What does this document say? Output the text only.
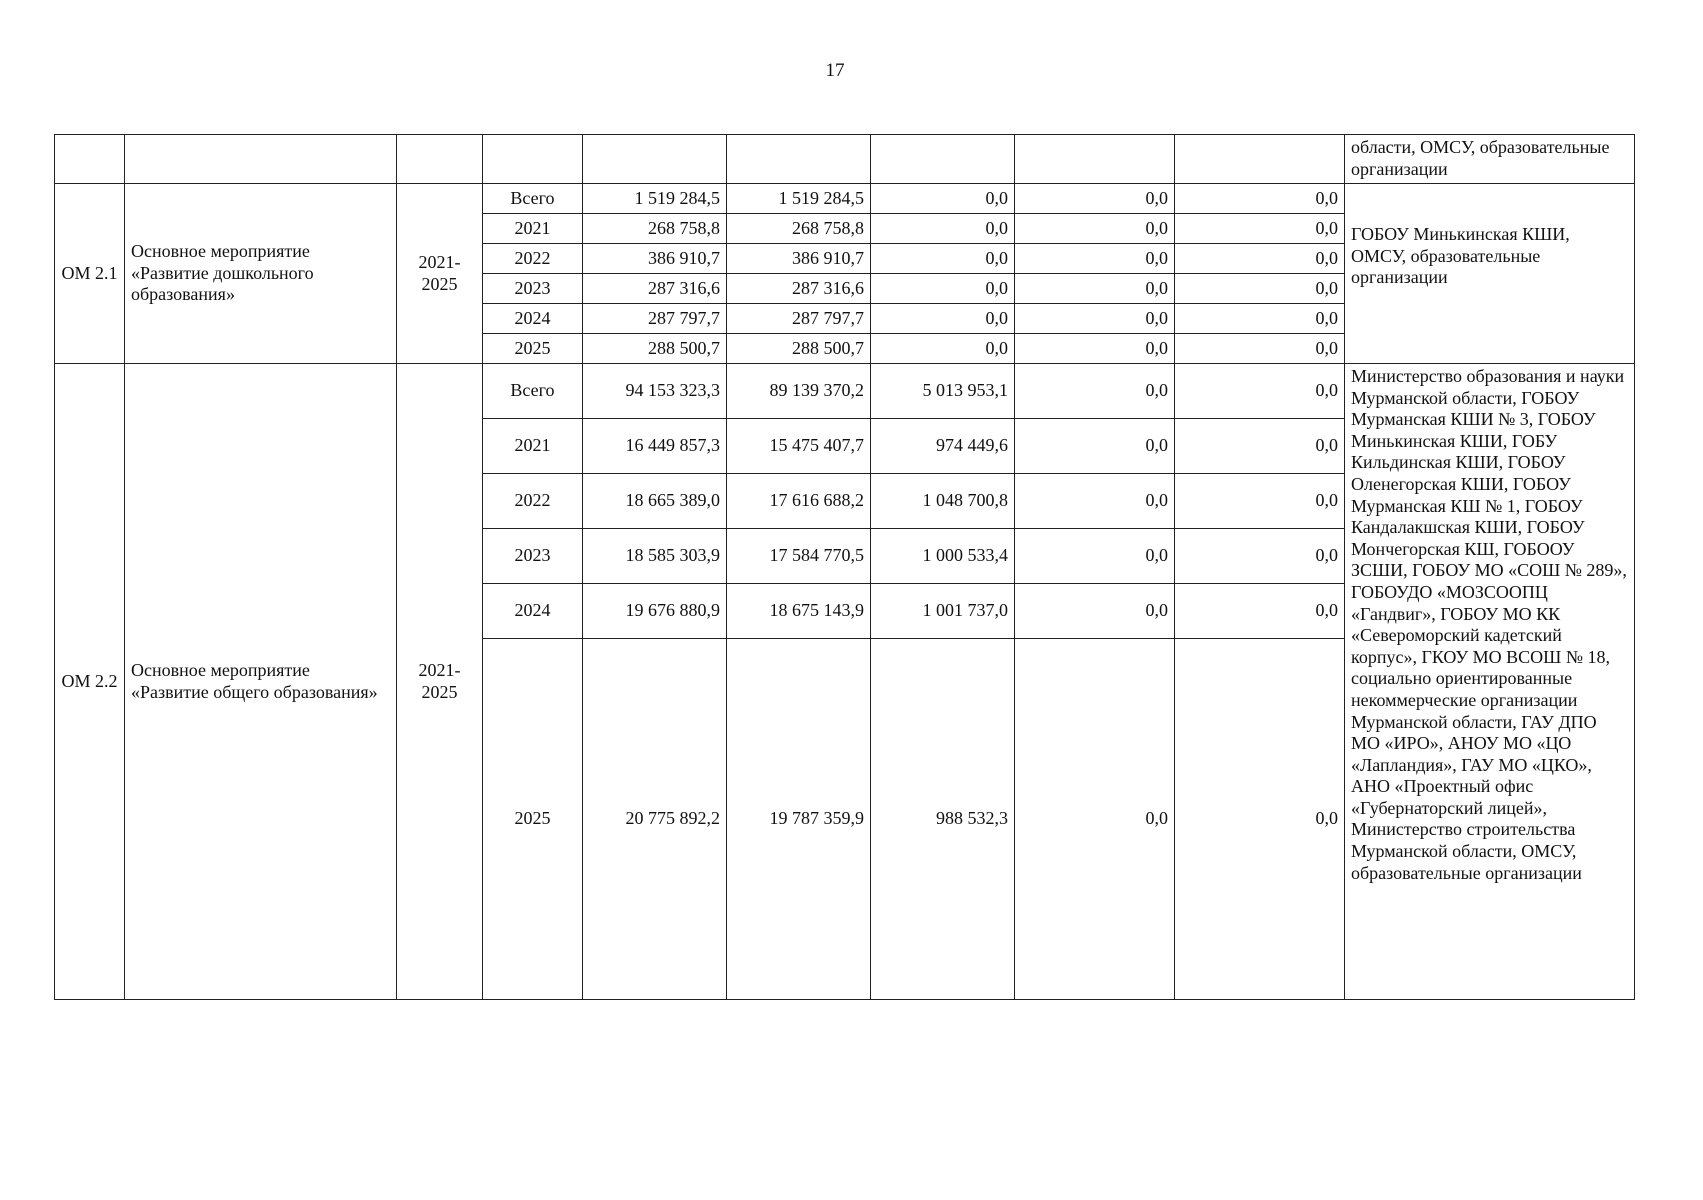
17
									области, ОМСУ, образовательные организации
ОМ 2.1	Основное мероприятие «Развитие дошкольного образования»	2021-2025	Всего	1 519 284,5	1 519 284,5	0,0	0,0	0,0	ГОБОУ Минькинская КШИ, ОМСУ, образовательные организации
			2021	268 758,8	268 758,8	0,0	0,0	0,0	
			2022	386 910,7	386 910,7	0,0	0,0	0,0	
			2023	287 316,6	287 316,6	0,0	0,0	0,0	
			2024	287 797,7	287 797,7	0,0	0,0	0,0	
			2025	288 500,7	288 500,7	0,0	0,0	0,0	
ОМ 2.2	Основное мероприятие «Развитие общего образования»	2021-2025	Всего	94 153 323,3	89 139 370,2	5 013 953,1	0,0	0,0	Министерство образования и науки Мурманской области, ГОБОУ Мурманская КШИ № 3, ГОБОУ Минькинская КШИ, ГОБУ Кильдинская КШИ, ГОБОУ Оленегорская КШИ, ГОБОУ Мурманская КШ № 1, ГОБОУ Кандалакшская КШИ, ГОБОУ Мончегорская КШ, ГОБООУ ЗСШИ, ГОБОУ МО «СОШ № 289», ГОБОУДО «МОЗСООПЦ «Гандвиг», ГОБОУ МО КК «Североморский кадетский корпус», ГКОУ МО ВСОШ № 18, социально ориентированные некоммерческие организации Мурманской области, ГАУ ДПО МО «ИРО», АНОУ МО «ЦО «Лапландия», ГАУ МО «ЦКО», АНО «Проектный офис «Губернаторский лицей», Министерство строительства Мурманской области, ОМСУ, образовательные организации
			2021	16 449 857,3	15 475 407,7	974 449,6	0,0	0,0	
			2022	18 665 389,0	17 616 688,2	1 048 700,8	0,0	0,0	
			2023	18 585 303,9	17 584 770,5	1 000 533,4	0,0	0,0	
			2024	19 676 880,9	18 675 143,9	1 001 737,0	0,0	0,0	
			2025	20 775 892,2	19 787 359,9	988 532,3	0,0	0,0	
